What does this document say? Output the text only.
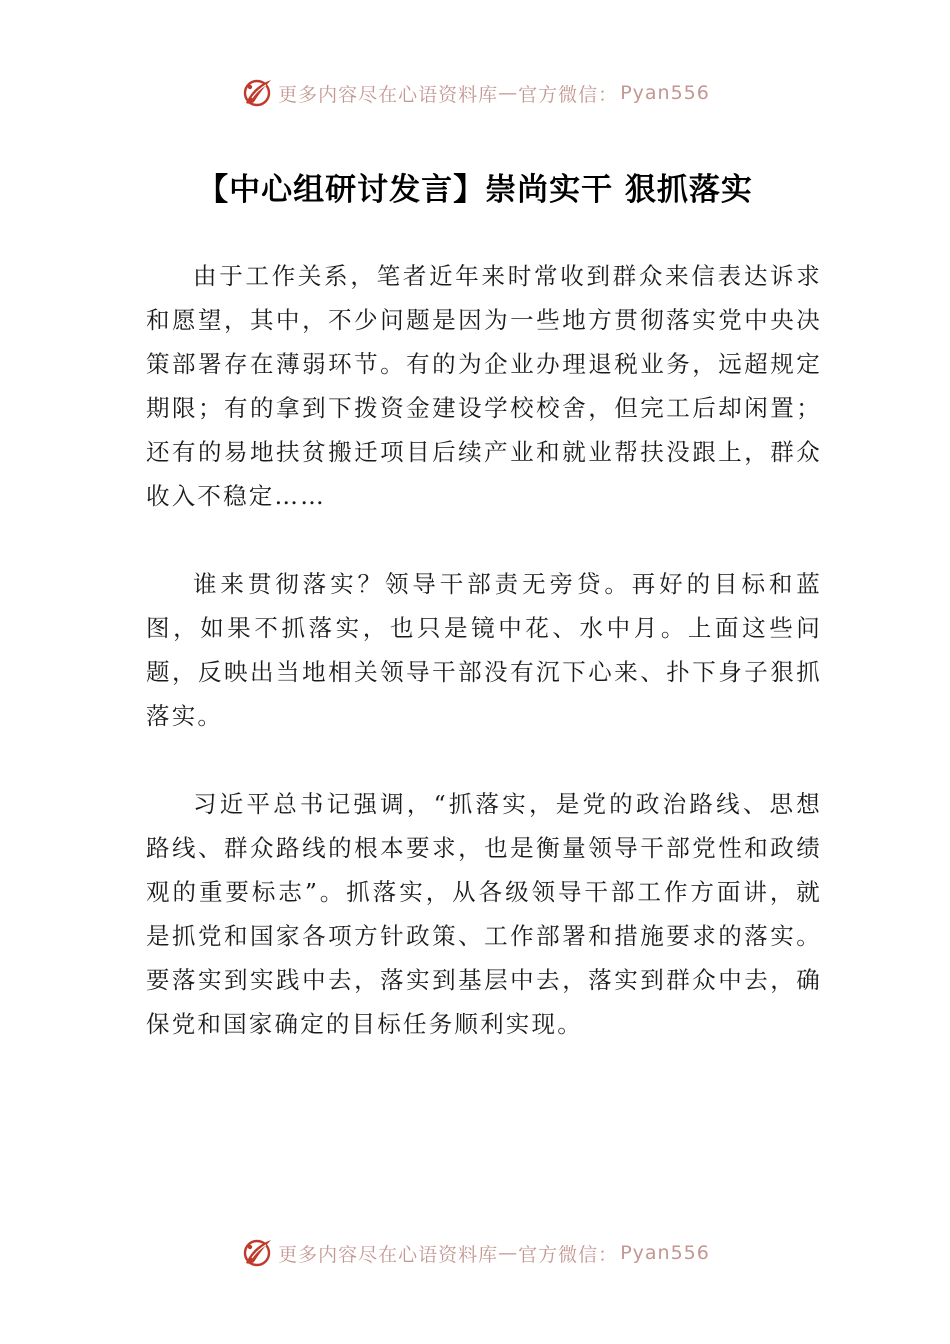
更多内容尽在心语资料库 — 官方微信： Pyan556
【中心组研讨发言】崇尚实干 狠抓落实

由于工作关系，笔者近年来时常收到群众来信表达诉求和愿望，其中，不少问题是因为一些地方贯彻落实党中央决策部署存在薄弱环节。有的为企业办理退税业务，远超规定期限；有的拿到下拨资金建设学校校舍，但完工后却闲置；还有的易地扶贫搬迁项目后续产业和就业帮扶没跟上，群众收入不稳定……

谁来贯彻落实？领导干部责无旁贷。再好的目标和蓝图，如果不抓落实，也只是镜中花、水中月。上面这些问题，反映出当地相关领导干部没有沉下心来、扑下身子狠抓落实。

习近平总书记强调，“抓落实，是党的政治路线、思想路线、群众路线的根本要求，也是衡量领导干部党性和政绩观的重要标志”。抓落实，从各级领导干部工作方面讲，就是抓党和国家各项方针政策、工作部署和措施要求的落实。要落实到实践中去，落实到基层中去，落实到群众中去，确保党和国家确定的目标任务顺利实现。

更多内容尽在心语资料库 — 官方微信： Pyan556
